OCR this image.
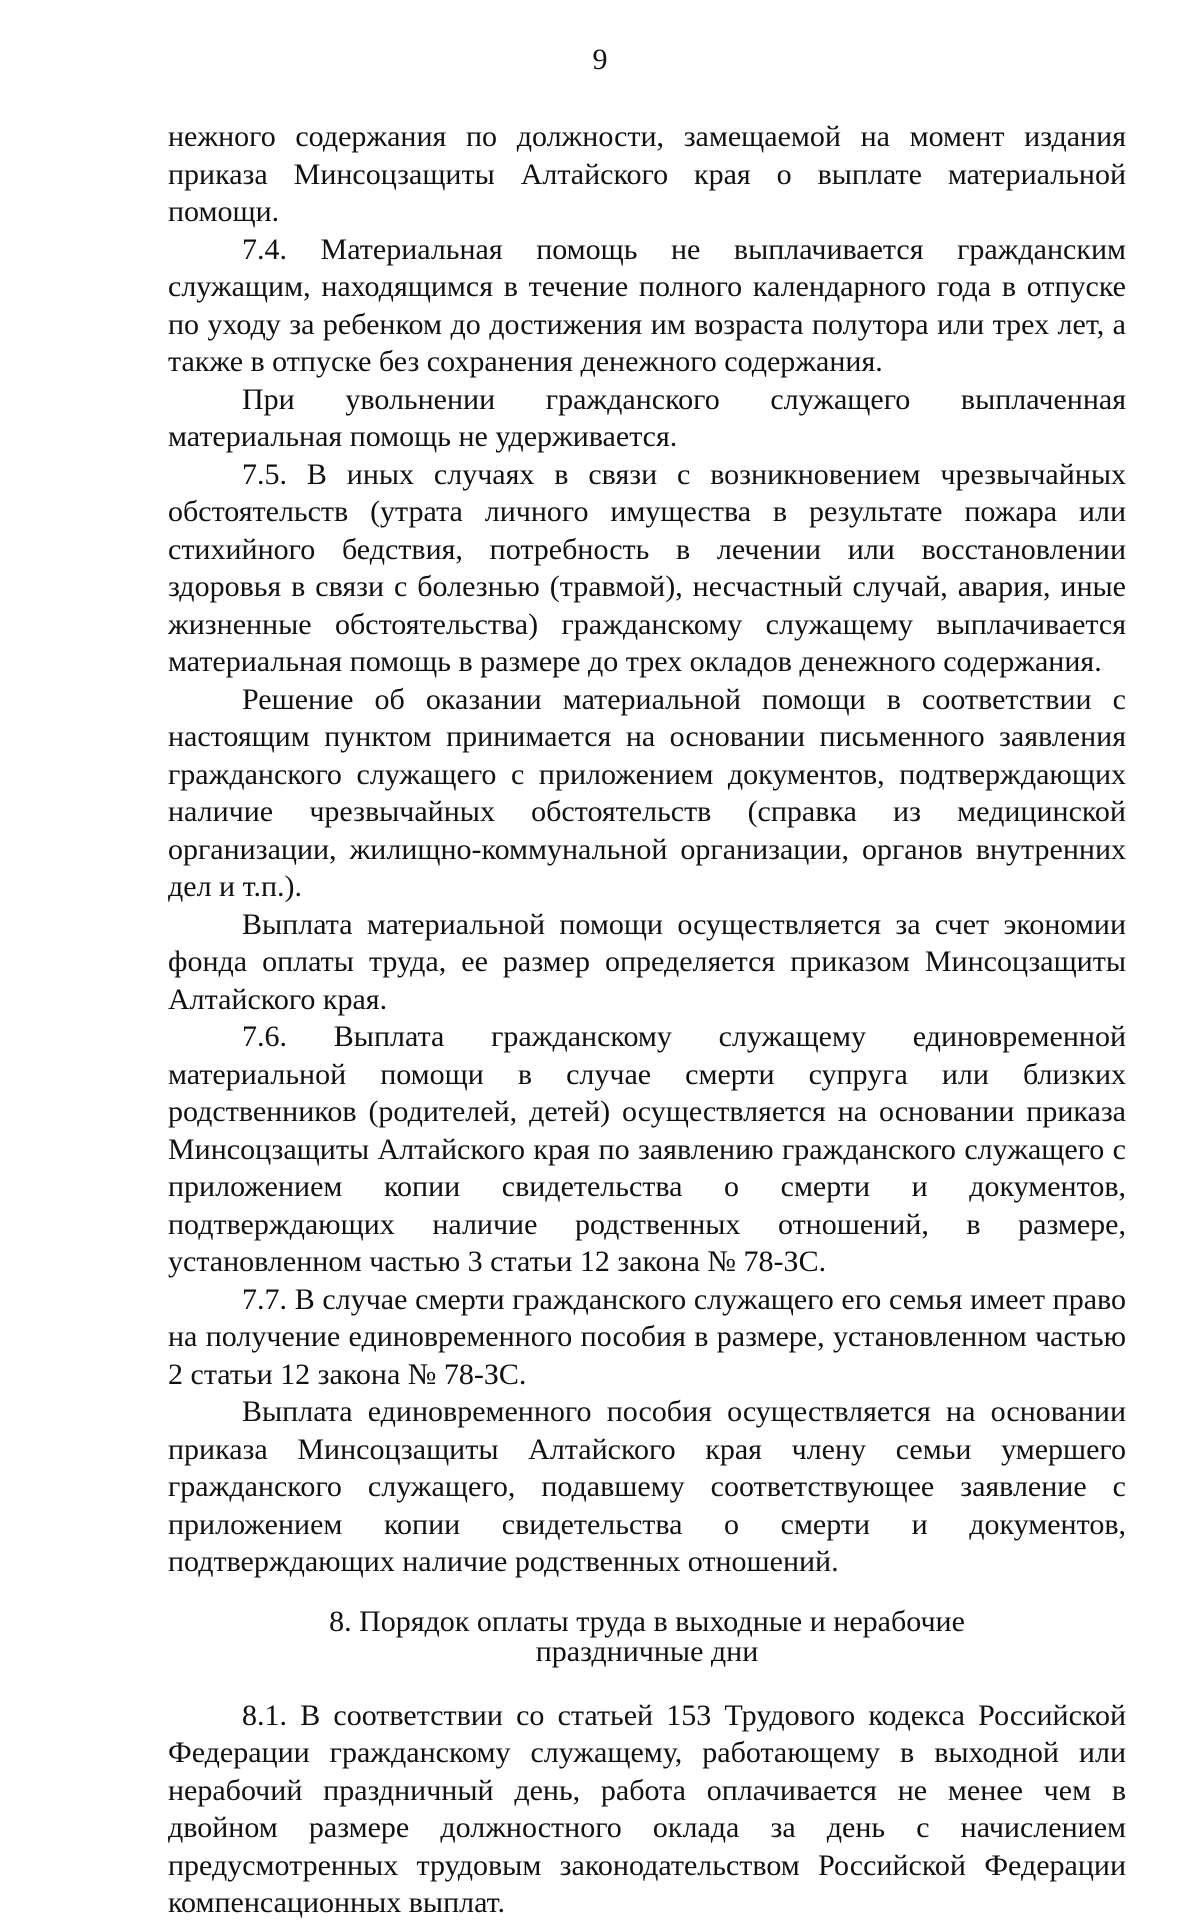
9

нежного содержания по должности, замещаемой на момент издания приказа Минсоцзащиты Алтайского края о выплате материальной помощи.

7.4. Материальная помощь не выплачивается гражданским служащим, находящимся в течение полного календарного года в отпуске по уходу за ребенком до достижения им возраста полутора или трех лет, а также в отпуске без сохранения денежного содержания.

При увольнении гражданского служащего выплаченная материальная помощь не удерживается.

7.5. В иных случаях в связи с возникновением чрезвычайных обстоятельств (утрата личного имущества в результате пожара или стихийного бедствия, потребность в лечении или восстановлении здоровья в связи с болезнью (травмой), несчастный случай, авария, иные жизненные обстоятельства) гражданскому служащему выплачивается материальная помощь в размере до трех окладов денежного содержания.

Решение об оказании материальной помощи в соответствии с настоящим пунктом принимается на основании письменного заявления гражданского служащего с приложением документов, подтверждающих наличие чрезвычайных обстоятельств (справка из медицинской организации, жилищно-коммунальной организации, органов внутренних дел и т.п.).

Выплата материальной помощи осуществляется за счет экономии фонда оплаты труда, ее размер определяется приказом Минсоцзащиты Алтайского края.

7.6. Выплата гражданскому служащему единовременной материальной помощи в случае смерти супруга или близких родственников (родителей, детей) осуществляется на основании приказа Минсоцзащиты Алтайского края по заявлению гражданского служащего с приложением копии свидетельства о смерти и документов, подтверждающих наличие родственных отношений, в размере, установленном частью 3 статьи 12 закона № 78-ЗС.

7.7. В случае смерти гражданского служащего его семья имеет право на получение единовременного пособия в размере, установленном частью 2 статьи 12 закона № 78-ЗС.

Выплата единовременного пособия осуществляется на основании приказа Минсоцзащиты Алтайского края члену семьи умершего гражданского служащего, подавшему соответствующее заявление с приложением копии свидетельства о смерти и документов, подтверждающих наличие родственных отношений.

8. Порядок оплаты труда в выходные и нерабочие
праздничные дни

8.1. В соответствии со статьей 153 Трудового кодекса Российской Федерации гражданскому служащему, работающему в выходной или нерабочий праздничный день, работа оплачивается не менее чем в двойном размере должностного оклада за день с начислением предусмотренных трудовым законодательством Российской Федерации компенсационных выплат.
